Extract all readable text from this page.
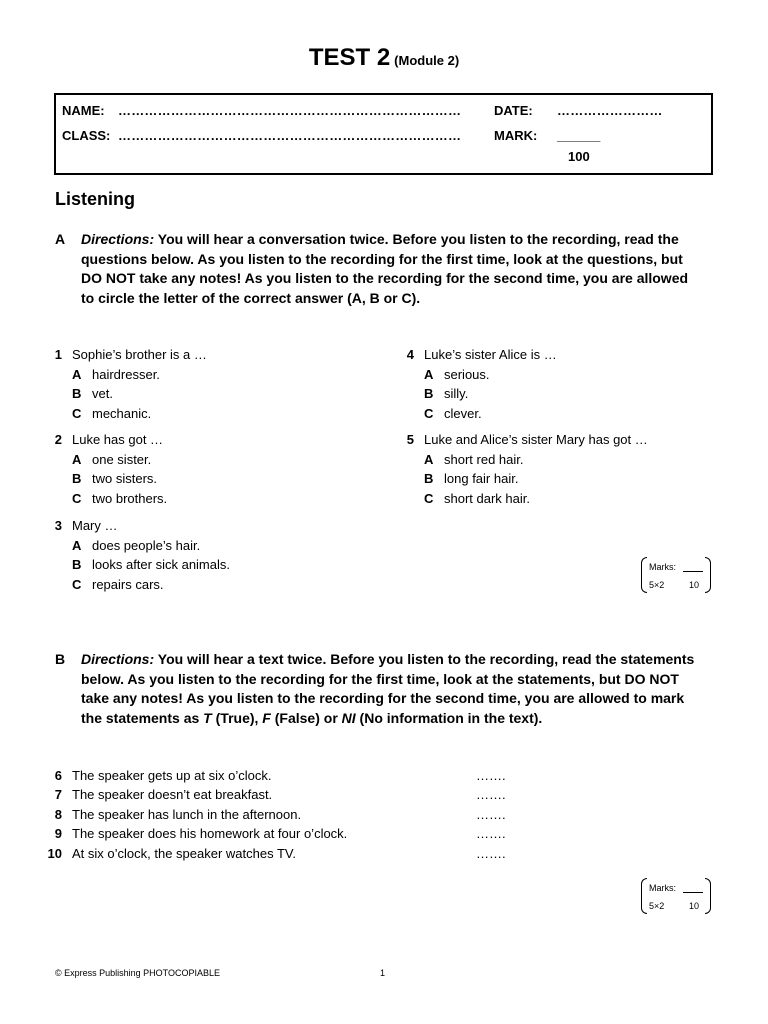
TEST 2 (Module 2)
NAME: ……………………………………………………………………	DATE: ……………………
CLASS: ……………………………………………………………………	MARK: ______
100
Listening
A Directions: You will hear a conversation twice. Before you listen to the recording, read the questions below. As you listen to the recording for the first time, look at the questions, but DO NOT take any notes! As you listen to the recording for the second time, you are allowed to circle the letter of the correct answer (A, B or C).
1 Sophie’s brother is a …
A hairdresser.
B vet.
C mechanic.
2 Luke has got …
A one sister.
B two sisters.
C two brothers.
3 Mary …
A does people’s hair.
B looks after sick animals.
C repairs cars.
4 Luke’s sister Alice is …
A serious.
B silly.
C clever.
5 Luke and Alice’s sister Mary has got …
A short red hair.
B long fair hair.
C short dark hair.
Marks:
5×2	10
B Directions: You will hear a text twice. Before you listen to the recording, read the statements below. As you listen to the recording for the first time, look at the statements, but DO NOT take any notes! As you listen to the recording for the second time, you are allowed to mark the statements as T (True), F (False) or NI (No information in the text).
6 The speaker gets up at six o’clock.	…….
7 The speaker doesn’t eat breakfast.	…….
8 The speaker has lunch in the afternoon.	…….
9 The speaker does his homework at four o’clock.	…….
10 At six o’clock, the speaker watches TV.	…….
Marks:
5×2	10
© Express Publishing PHOTOCOPIABLE	1
